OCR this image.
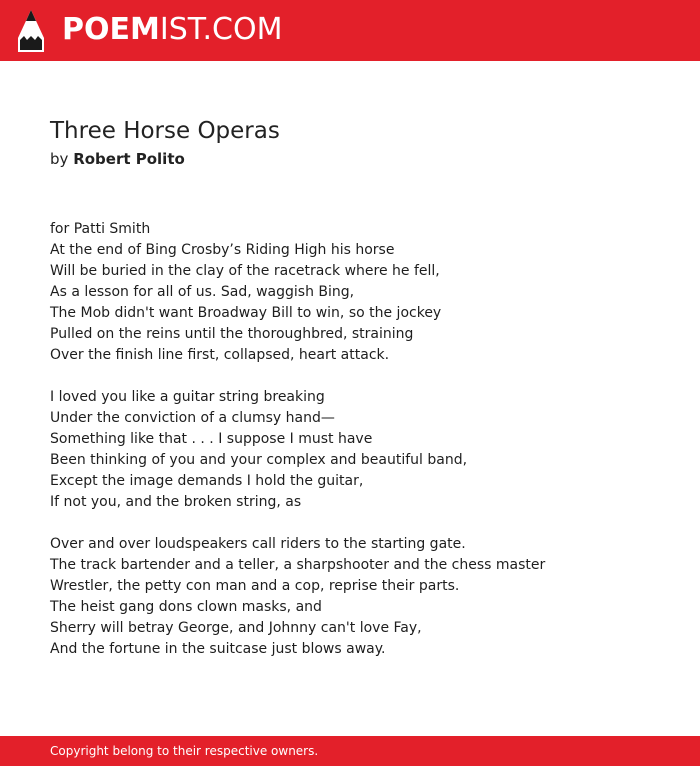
POEMIST.COM
Three Horse Operas
by Robert Polito
for Patti Smith
At the end of Bing Crosby’s Riding High his horse
Will be buried in the clay of the racetrack where he fell,
As a lesson for all of us. Sad, waggish Bing,
The Mob didn't want Broadway Bill to win, so the jockey
Pulled on the reins until the thoroughbred, straining
Over the finish line first, collapsed, heart attack.
I loved you like a guitar string breaking
Under the conviction of a clumsy hand—
Something like that . . . I suppose I must have
Been thinking of you and your complex and beautiful band,
Except the image demands I hold the guitar,
If not you, and the broken string, as
Over and over loudspeakers call riders to the starting gate.
The track bartender and a teller, a sharpshooter and the chess master
Wrestler, the petty con man and a cop, reprise their parts.
The heist gang dons clown masks, and
Sherry will betray George, and Johnny can't love Fay,
And the fortune in the suitcase just blows away.
Copyright belong to their respective owners.
